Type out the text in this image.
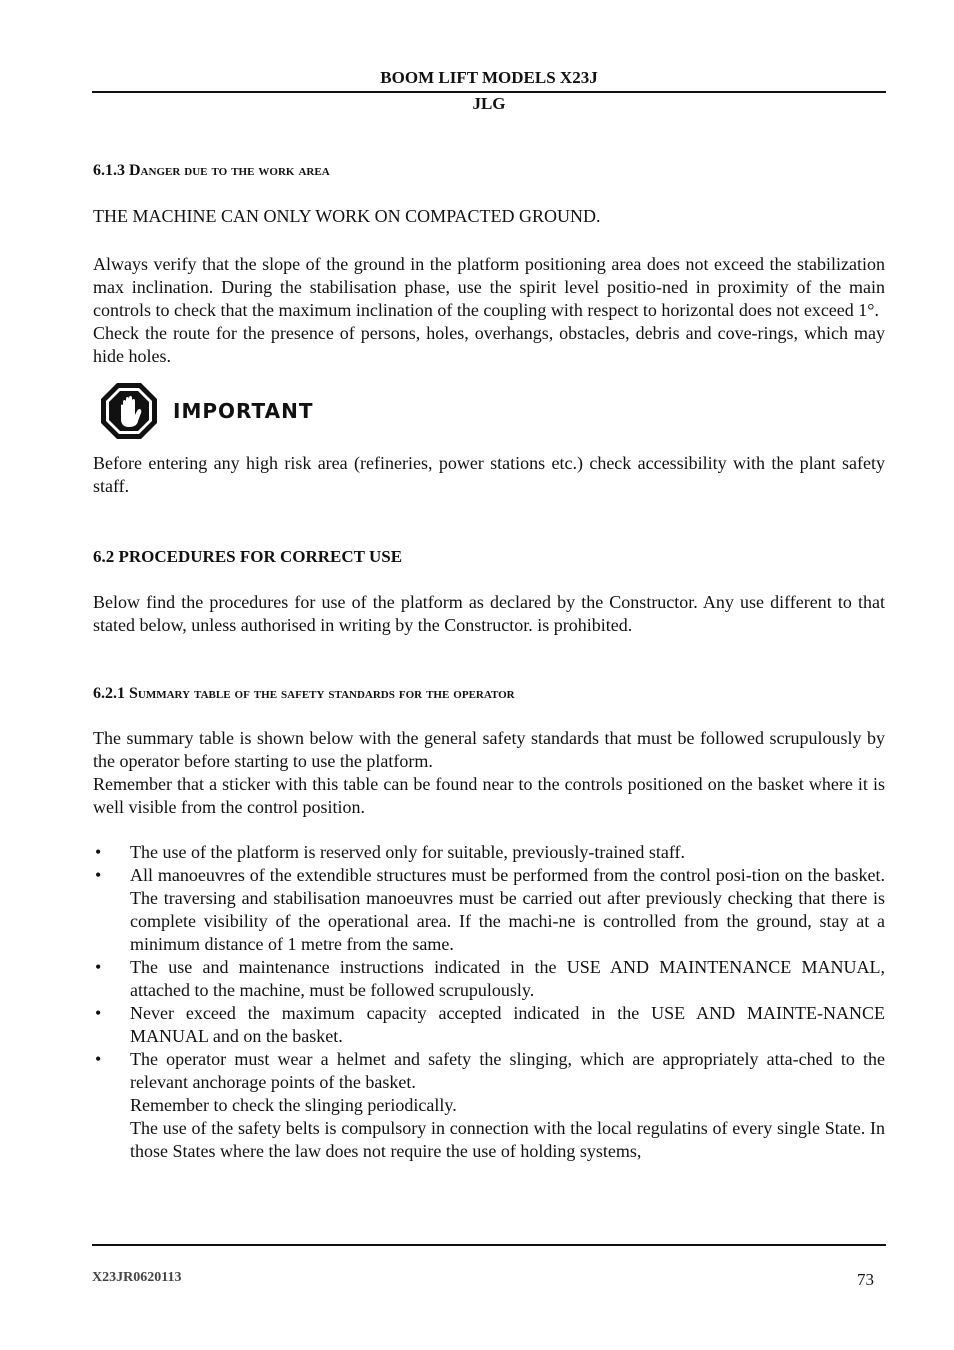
BOOM LIFT MODELS X23J
JLG
6.1.3 Danger due to the work area

THE MACHINE CAN ONLY WORK ON COMPACTED GROUND.

Always verify that the slope of the ground in the platform positioning area does not exceed the stabilization max inclination. During the stabilisation phase, use the spirit level positio-ned in proximity of the main controls to check that the maximum inclination of the coupling with respect to horizontal does not exceed 1°.

Check the route for the presence of persons, holes, overhangs, obstacles, debris and cove-rings, which may hide holes.

IMPORTANT

Before entering any high risk area (refineries, power stations etc.) check accessibility with the plant safety staff.

6.2 PROCEDURES FOR CORRECT USE

Below find the procedures for use of the platform as declared by the Constructor. Any use different to that stated below, unless authorised in writing by the Constructor. is prohibited.

6.2.1 Summary table of the safety standards for the operator

The summary table is shown below with the general safety standards that must be followed scrupulously by the operator before starting to use the platform.

Remember that a sticker with this table can be found near to the controls positioned on the basket where it is well visible from the control position.

• The use of the platform is reserved only for suitable, previously-trained staff.
• All manoeuvres of the extendible structures must be performed from the control posi-tion on the basket. The traversing and stabilisation manoeuvres must be carried out after previously checking that there is complete visibility of the operational area. If the machi-ne is controlled from the ground, stay at a minimum distance of 1 metre from the same.
• The use and maintenance instructions indicated in the USE AND MAINTENANCE MANUAL, attached to the machine, must be followed scrupulously.
• Never exceed the maximum capacity accepted indicated in the USE AND MAINTE-NANCE MANUAL and on the basket.
• The operator must wear a helmet and safety the slinging, which are appropriately atta-ched to the relevant anchorage points of the basket.
Remember to check the slinging periodically.
The use of the safety belts is compulsory in connection with the local regulatins of every single State. In those States where the law does not require the use of holding systems,
X23JR0620113	73
